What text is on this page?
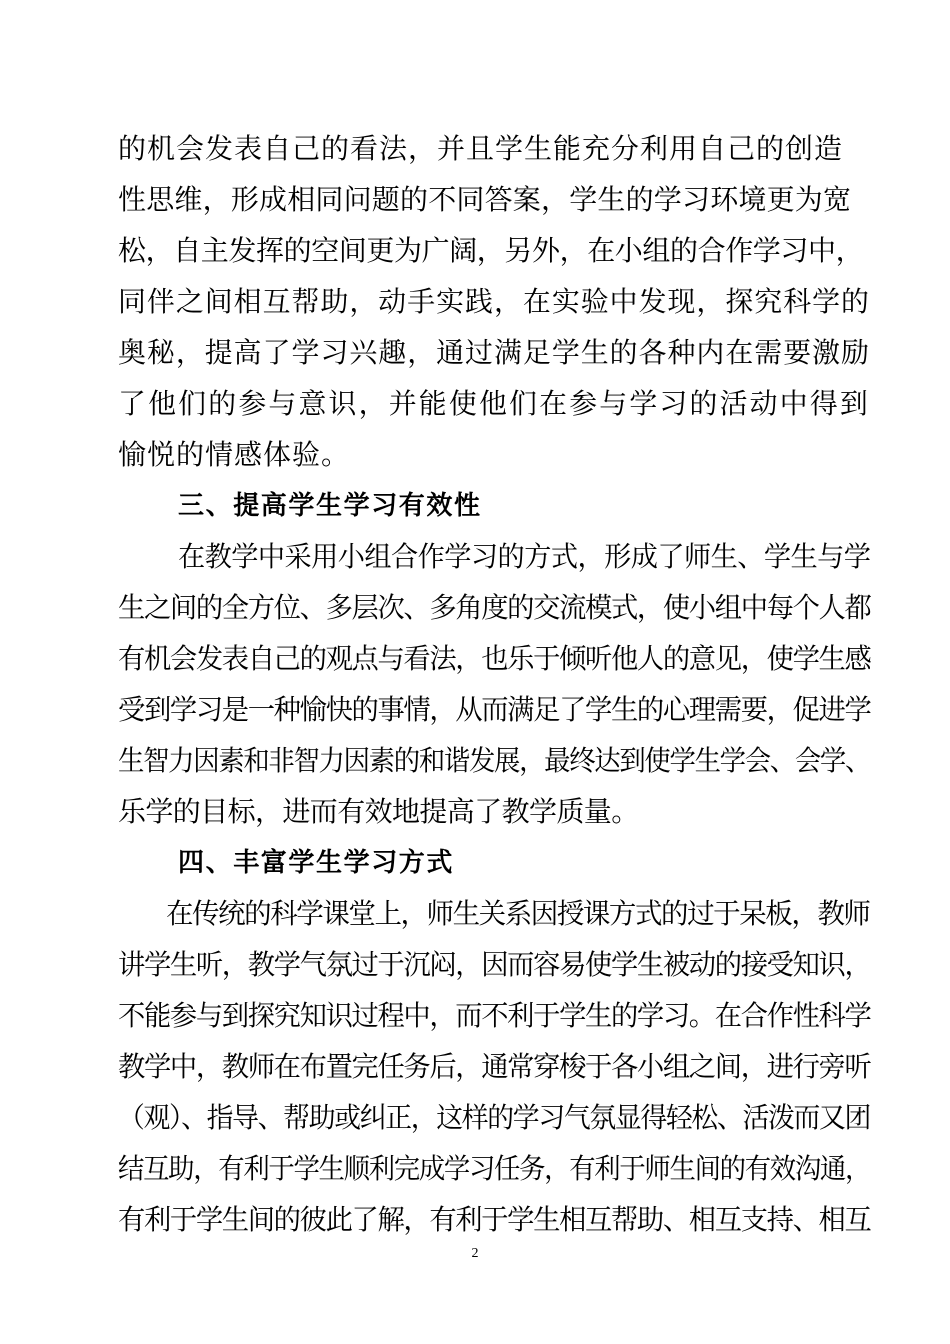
的机会发表自己的看法，并且学生能充分利用自己的创造
性思维，形成相同问题的不同答案，学生的学习环境更为宽
松，自主发挥的空间更为广阔，另外，在小组的合作学习中，
同伴之间相互帮助，动手实践，在实验中发现，探究科学的
奥秘，提高了学习兴趣，通过满足学生的各种内在需要激励
了他们的参与意识，并能使他们在参与学习的活动中得到
愉悦的情感体验。
三、提高学生学习有效性
在教学中采用小组合作学习的方式，形成了师生、学生与学
生之间的全方位、多层次、多角度的交流模式，使小组中每个人都
有机会发表自己的观点与看法，也乐于倾听他人的意见，使学生感
受到学习是一种愉快的事情，从而满足了学生的心理需要，促进学
生智力因素和非智力因素的和谐发展，最终达到使学生学会、会学、
乐学的目标，进而有效地提高了教学质量。
四、丰富学生学习方式
在传统的科学课堂上，师生关系因授课方式的过于呆板，教师
讲学生听，教学气氛过于沉闷，因而容易使学生被动的接受知识，
不能参与到探究知识过程中，而不利于学生的学习。在合作性科学
教学中，教师在布置完任务后，通常穿梭于各小组之间，进行旁听
（观）、指导、帮助或纠正，这样的学习气氛显得轻松、活泼而又团
结互助，有利于学生顺利完成学习任务，有利于师生间的有效沟通，
有利于学生间的彼此了解，有利于学生相互帮助、相互支持、相互
2
